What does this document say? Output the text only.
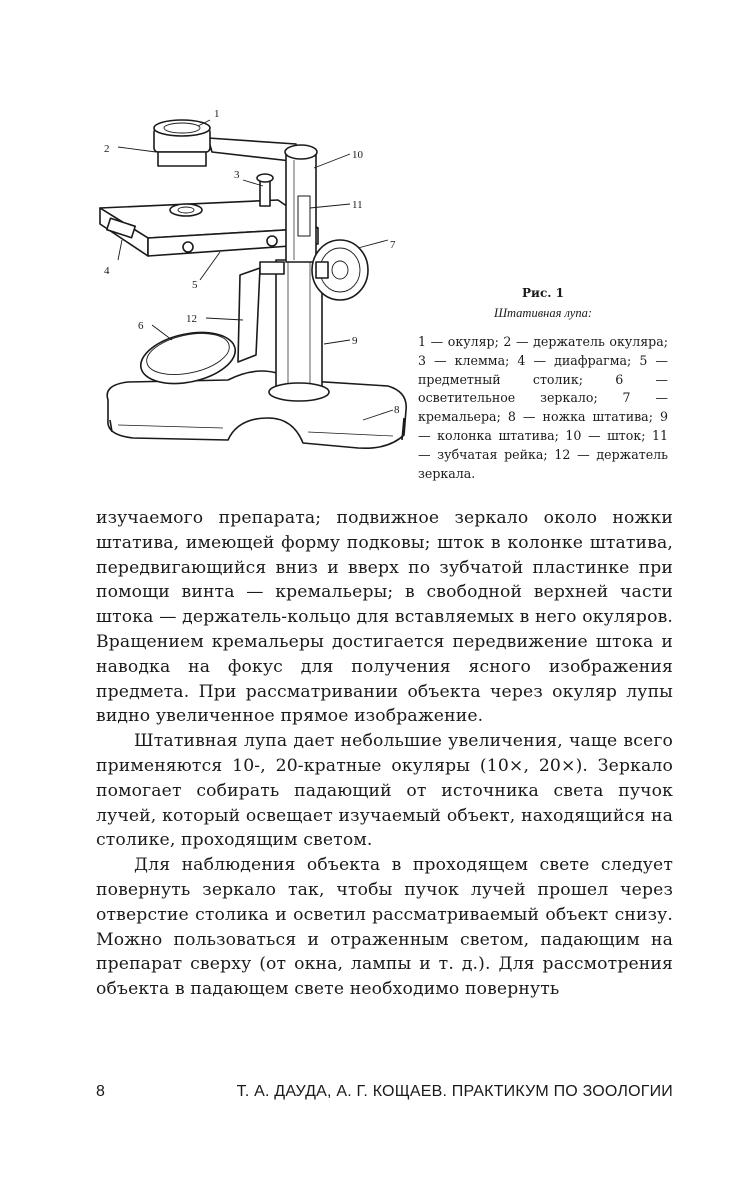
1
2
3
4
5
6
7
8
9
10
11
12

Рис. 1

Штативная лупа:

1 — окуляр; 2 — держатель окуляра; 3 — клемма; 4 — диафрагма; 5 — предметный столик; 6 — осветительное зеркало; 7 — кремальера; 8 — ножка штатива; 9 — колонка штатива; 10 — шток; 11 — зубчатая рейка; 12 — держатель зеркала.

изучаемого препарата; подвижное зеркало около ножки штатива, имеющей форму подковы; шток в колонке штатива, передвигающийся вниз и вверх по зубчатой пластинке при помощи винта — кремальеры; в свободной верхней части штока — держатель-кольцо для вставляемых в него окуляров. Вращением кремальеры достигается передвижение штока и наводка на фокус для получения ясного изображения предмета. При рассматривании объекта через окуляр лупы видно увеличенное прямое изображение.

Штативная лупа дает небольшие увеличения, чаще всего применяются 10-, 20-кратные окуляры (10×, 20×). Зеркало помогает собирать падающий от источника света пучок лучей, который освещает изучаемый объект, находящийся на столике, проходящим светом.

Для наблюдения объекта в проходящем свете следует повернуть зеркало так, чтобы пучок лучей прошел через отверстие столика и осветил рассматриваемый объект снизу. Можно пользоваться и отраженным светом, падающим на препарат сверху (от окна, лампы и т. д.). Для рассмотрения объекта в падающем свете необходимо повернуть

8	Т. А. ДАУДА, А. Г. КОЩАЕВ. ПРАКТИКУМ ПО ЗООЛОГИИ
